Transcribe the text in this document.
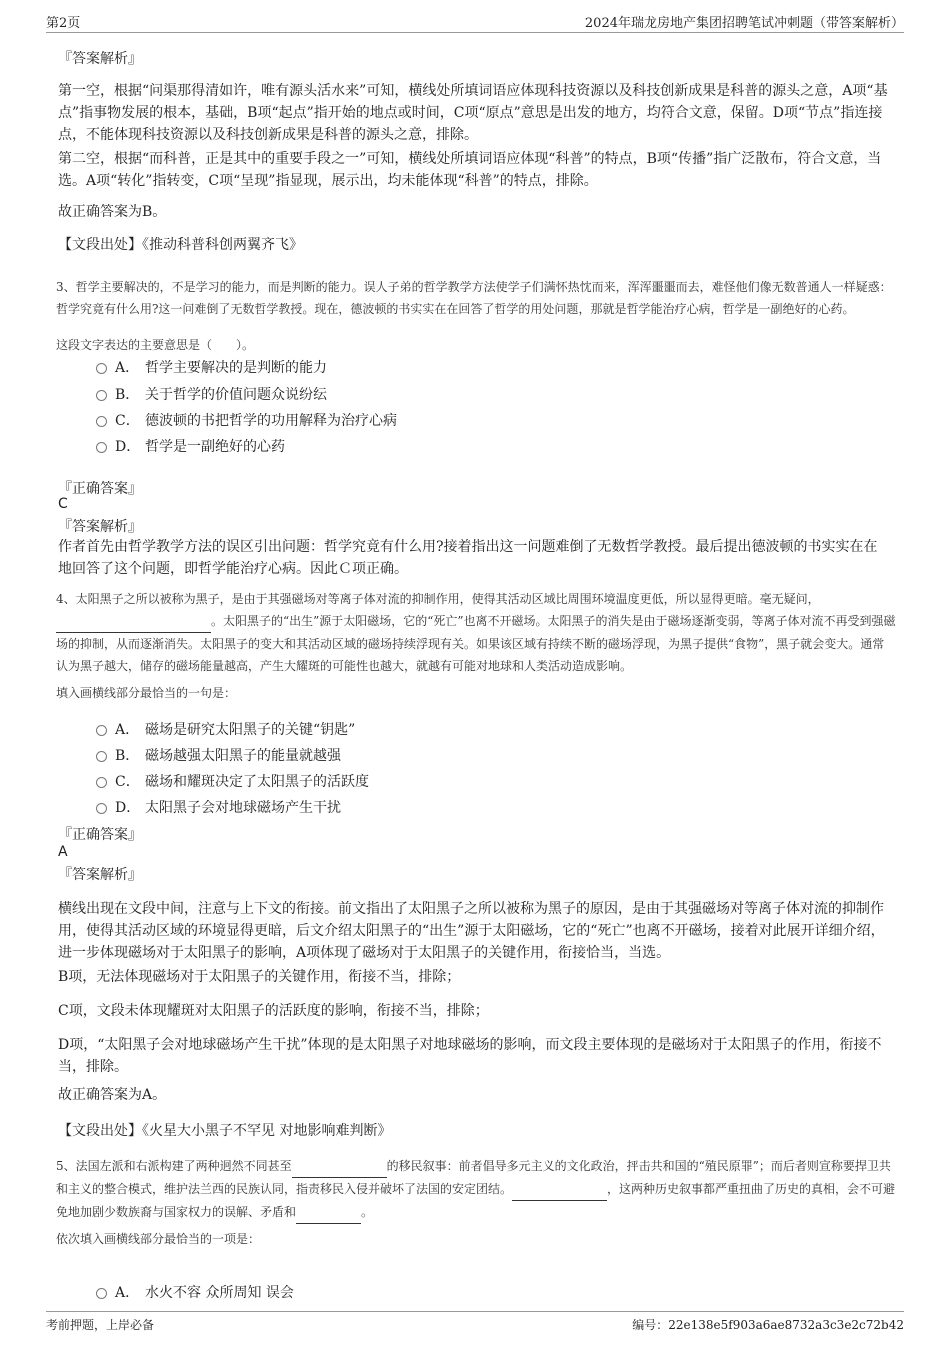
第2页	2024年瑞龙房地产集团招聘笔试冲刺题（带答案解析）
『答案解析』
第一空，根据“问渠那得清如许，唯有源头活水来”可知，横线处所填词语应体现科技资源以及科技创新成果是科普的源头之意，A项“基点”指事物发展的根本，基础，B项“起点”指开始的地点或时间，C项“原点”意思是出发的地方，均符合文意，保留。D项“节点”指连接点，不能体现科技资源以及科技创新成果是科普的源头之意，排除。
第二空，根据“而科普，正是其中的重要手段之一”可知，横线处所填词语应体现“科普”的特点，B项“传播”指广泛散布，符合文意，当选。A项“转化”指转变，C项“呈现”指显现，展示出，均未能体现“科普”的特点，排除。
故正确答案为B。
【文段出处】《推动科普科创两翼齐飞》
3、哲学主要解决的，不是学习的能力，而是判断的能力。误人子弟的哲学教学方法使学子们满怀热忱而来，浑浑噩噩而去，难怪他们像无数普通人一样疑惑：哲学究竟有什么用?这一问难倒了无数哲学教授。现在，德波顿的书实实在在回答了哲学的用处问题，那就是哲学能治疗心病，哲学是一副绝好的心药。
这段文字表达的主要意思是（　　）。
A． 哲学主要解决的是判断的能力
B． 关于哲学的价值问题众说纷纭
C． 德波顿的书把哲学的功用解释为治疗心病
D． 哲学是一副绝好的心药
『正确答案』
C
『答案解析』
作者首先由哲学教学方法的误区引出问题：哲学究竟有什么用?接着指出这一问题难倒了无数哲学教授。最后提出德波顿的书实实在在地回答了这个问题，即哲学能治疗心病。因此Ｃ项正确。
4、太阳黑子之所以被称为黑子，是由于其强磁场对等离子体对流的抑制作用，使得其活动区域比周围环境温度更低，所以显得更暗。毫无疑问， 。太阳黑子的“出生”源于太阳磁场，它的“死亡”也离不开磁场。太阳黑子的消失是由于磁场逐渐变弱，等离子体对流不再受到强磁场的抑制，从而逐渐消失。太阳黑子的变大和其活动区域的磁场持续浮现有关。如果该区域有持续不断的磁场浮现，为黑子提供“食物”，黑子就会变大。通常认为黑子越大，储存的磁场能量越高，产生大耀斑的可能性也越大，就越有可能对地球和人类活动造成影响。
填入画横线部分最恰当的一句是：
A． 磁场是研究太阳黑子的关键“钥匙”
B． 磁场越强太阳黑子的能量就越强
C． 磁场和耀斑决定了太阳黑子的活跃度
D． 太阳黑子会对地球磁场产生干扰
『正确答案』
A
『答案解析』
横线出现在文段中间，注意与上下文的衔接。前文指出了太阳黑子之所以被称为黑子的原因，是由于其强磁场对等离子体对流的抑制作用，使得其活动区域的环境显得更暗，后文介绍太阳黑子的“出生”源于太阳磁场，它的“死亡”也离不开磁场，接着对此展开详细介绍，进一步体现磁场对于太阳黑子的影响，A项体现了磁场对于太阳黑子的关键作用，衔接恰当，当选。
B项，无法体现磁场对于太阳黑子的关键作用，衔接不当，排除；
C项，文段未体现耀斑对太阳黑子的活跃度的影响，衔接不当，排除；
D项，“太阳黑子会对地球磁场产生干扰”体现的是太阳黑子对地球磁场的影响，而文段主要体现的是磁场对于太阳黑子的作用，衔接不当，排除。
故正确答案为A。
【文段出处】《火星大小黑子不罕见 对地影响难判断》
5、法国左派和右派构建了两种迥然不同甚至	的移民叙事：前者倡导多元主义的文化政治，抨击共和国的“殖民原罪”；而后者则宣称要捍卫共和主义的整合模式，维护法兰西的民族认同，指责移民入侵并破坏了法国的安定团结。	，这两种历史叙事都严重扭曲了历史的真相，会不可避免地加剧少数族裔与国家权力的误解、矛盾和	。
依次填入画横线部分最恰当的一项是：
A． 水火不容 众所周知 误会
考前押题，上岸必备	编号：22e138e5f903a6ae8732a3c3e2c72b42
